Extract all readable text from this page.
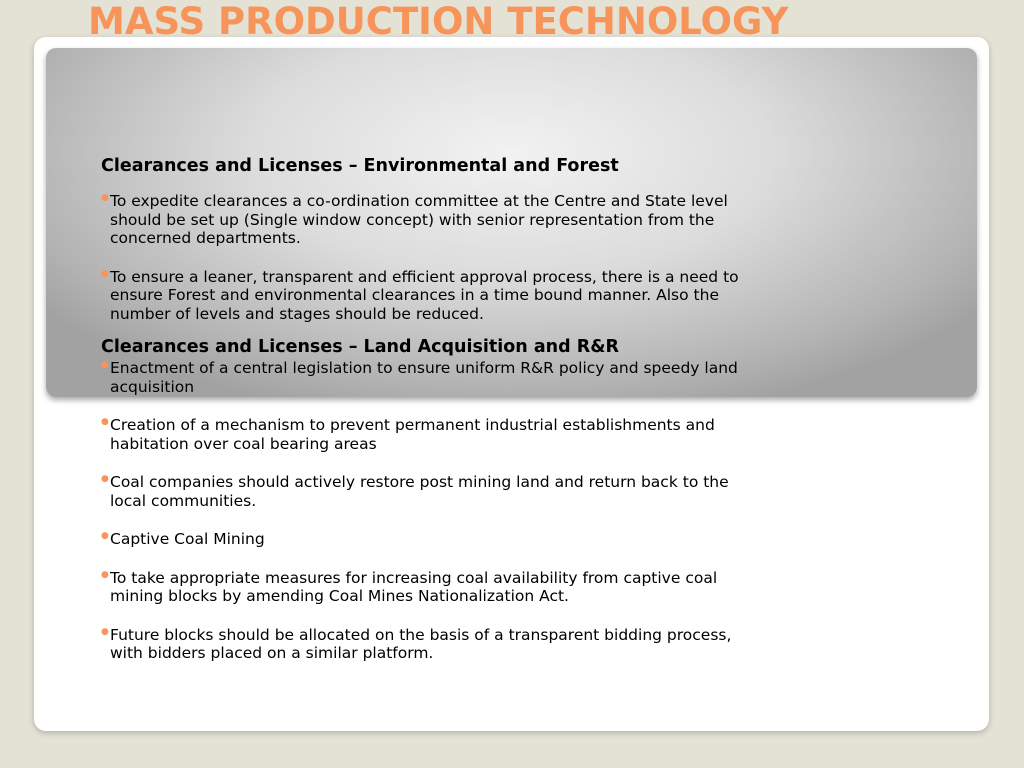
MASS PRODUCTION TECHNOLOGY
Clearances and Licenses – Environmental and Forest
● To expedite clearances a co-ordination committee at the Centre and State level should be set up (Single window concept) with senior representation from the concerned departments.
● To ensure a leaner, transparent and efficient approval process, there is a need to ensure Forest and environmental clearances in a time bound manner. Also the number of levels and stages should be reduced.
Clearances and Licenses – Land Acquisition and R&R
● Enactment of a central legislation to ensure uniform R&R policy and speedy land acquisition
● Creation of a mechanism to prevent permanent industrial establishments and habitation over coal bearing areas
● Coal companies should actively restore post mining land and return back to the local communities.
● Captive Coal Mining
● To take appropriate measures for increasing coal availability from captive coal mining blocks by amending Coal Mines Nationalization Act.
● Future blocks should be allocated on the basis of a transparent bidding process, with bidders placed on a similar platform.
